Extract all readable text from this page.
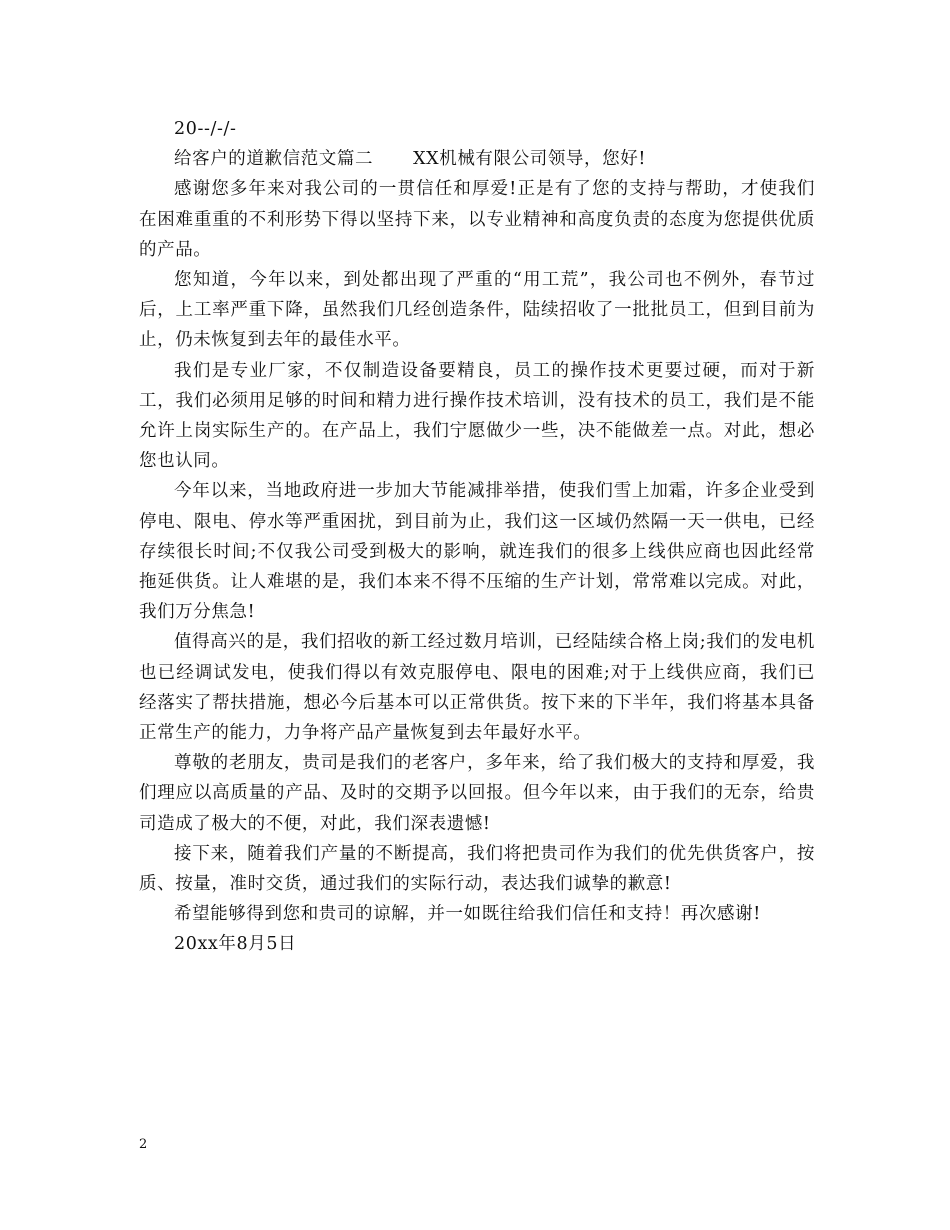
20--/-/-

给客户的道歉信范文篇二 XX机械有限公司领导，您好!

感谢您多年来对我公司的一贯信任和厚爱!正是有了您的支持与帮助，才使我们在困难重重的不利形势下得以坚持下来，以专业精神和高度负责的态度为您提供优质的产品。

您知道，今年以来，到处都出现了严重的“用工荒”，我公司也不例外，春节过后，上工率严重下降，虽然我们几经创造条件，陆续招收了一批批员工，但到目前为止，仍未恢复到去年的最佳水平。

我们是专业厂家，不仅制造设备要精良，员工的操作技术更要过硬，而对于新工，我们必须用足够的时间和精力进行操作技术培训，没有技术的员工，我们是不能允许上岗实际生产的。在产品上，我们宁愿做少一些，决不能做差一点。对此，想必您也认同。

今年以来，当地政府进一步加大节能减排举措，使我们雪上加霜，许多企业受到停电、限电、停水等严重困扰，到目前为止，我们这一区域仍然隔一天一供电，已经存续很长时间;不仅我公司受到极大的影响，就连我们的很多上线供应商也因此经常拖延供货。让人难堪的是，我们本来不得不压缩的生产计划，常常难以完成。对此，我们万分焦急!

值得高兴的是，我们招收的新工经过数月培训，已经陆续合格上岗;我们的发电机也已经调试发电，使我们得以有效克服停电、限电的困难;对于上线供应商，我们已经落实了帮扶措施，想必今后基本可以正常供货。按下来的下半年，我们将基本具备正常生产的能力，力争将产品产量恢复到去年最好水平。

尊敬的老朋友，贵司是我们的老客户，多年来，给了我们极大的支持和厚爱，我们理应以高质量的产品、及时的交期予以回报。但今年以来，由于我们的无奈，给贵司造成了极大的不便，对此，我们深表遗憾!

接下来，随着我们产量的不断提高，我们将把贵司作为我们的优先供货客户，按质、按量，准时交货，通过我们的实际行动，表达我们诚挚的歉意!

希望能够得到您和贵司的谅解，并一如既往给我们信任和支持！再次感谢!

20xx年8月5日

2
